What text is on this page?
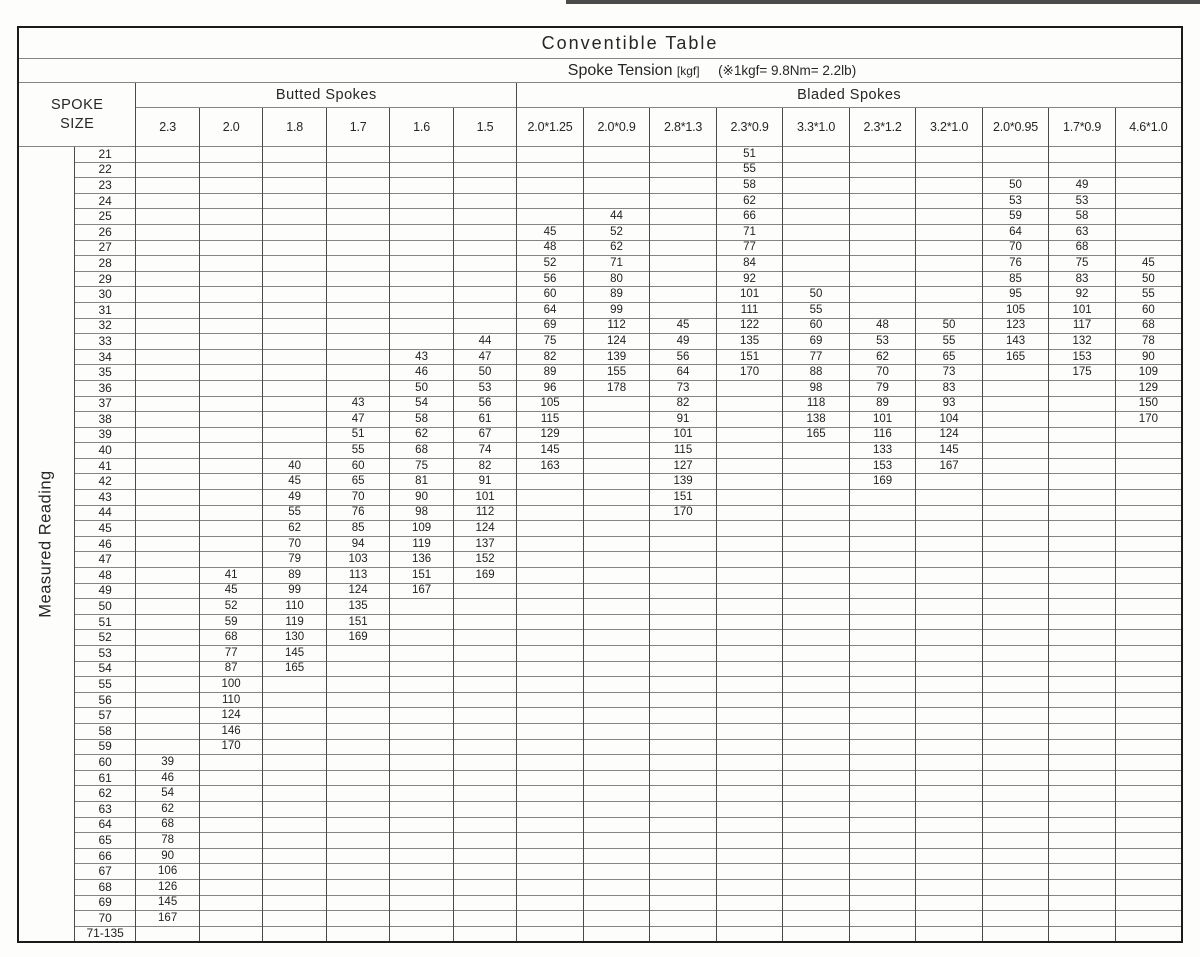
Conventible Table																	
Spoke Tension [kgf] (※1kgf= 9.8Nm= 2.2lb)																	

SPOKE
SIZE		Butted Spokes						Bladed Spokes									
		2.3	2.0	1.8	1.7	1.6	1.5	2.0*1.25	2.0*0.9	2.8*1.3	2.3*0.9	3.3*1.0	2.3*1.2	3.2*1.0	2.0*0.95	1.7*0.9	4.6*1.0

Measured Reading	21										51						
	22										55						
	23										58				50	49	
	24										62				53	53	
	25								44		66				59	58	
	26							45	52		71				64	63	
	27							48	62		77				70	68	
	28							52	71		84				76	75	45
	29							56	80		92				85	83	50
	30							60	89		101	50			95	92	55
	31							64	99		111	55			105	101	60
	32							69	112	45	122	60	48	50	123	117	68
	33						44	75	124	49	135	69	53	55	143	132	78
	34					43	47	82	139	56	151	77	62	65	165	153	90
	35					46	50	89	155	64	170	88	70	73		175	109
	36					50	53	96	178	73		98	79	83			129
	37				43	54	56	105		82		118	89	93			150
	38				47	58	61	115		91		138	101	104			170
	39				51	62	67	129		101		165	116	124			
	40				55	68	74	145		115			133	145			
	41			40	60	75	82	163		127			153	167			
	42			45	65	81	91			139			169				
	43			49	70	90	101			151							
	44			55	76	98	112			170							
	45			62	85	109	124										
	46			70	94	119	137										
	47			79	103	136	152										
	48		41	89	113	151	169										
	49		45	99	124	167											
	50		52	110	135												
	51		59	119	151												
	52		68	130	169												
	53		77	145													
	54		87	165													
	55		100														
	56		110														
	57		124														
	58		146														
	59		170														
	60	39															
	61	46															
	62	54															
	63	62															
	64	68															
	65	78															
	66	90															
	67	106															
	68	126															
	69	145															
	70	167															
	71-135																
